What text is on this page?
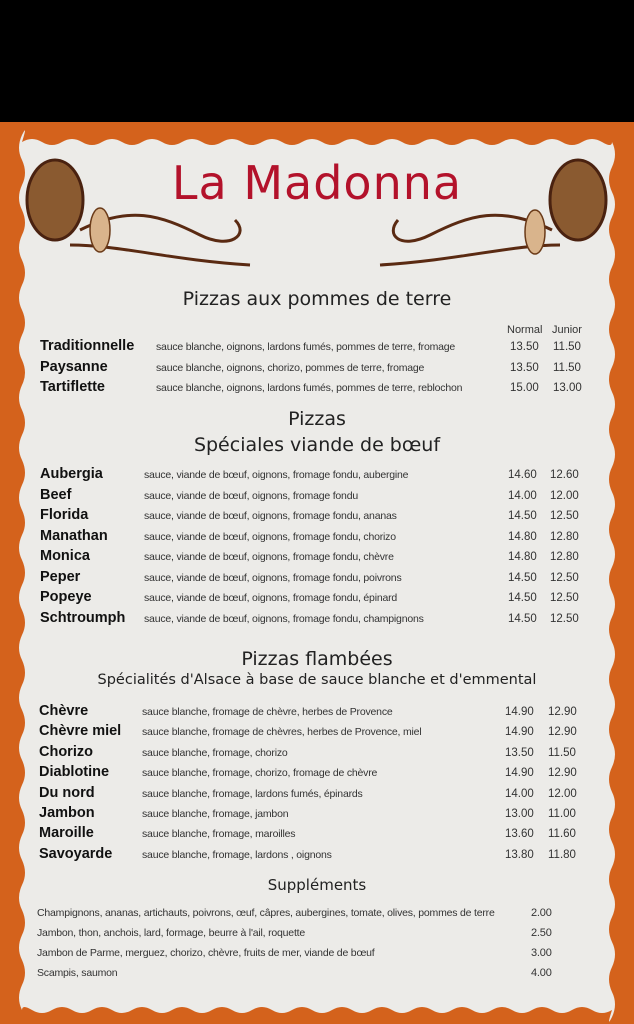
La Madonna
Pizzas aux pommes de terre
Normal Junior
Traditionnelle sauce blanche, oignons, lardons fumés, pommes de terre, fromage	13.50 11.50
Paysanne	sauce blanche, oignons, chorizo, pommes de terre, fromage	13.50 11.50
Tartiflette	sauce blanche, oignons, lardons fumés, pommes de terre, reblochon	15.00 13.00
Pizzas
Spéciales viande de bœuf
Aubergia	sauce, viande de bœuf, oignons, fromage fondu, aubergine	14.60 12.60
Beef	sauce, viande de bœuf, oignons, fromage fondu	14.00 12.00
Florida	sauce, viande de bœuf, oignons, fromage fondu, ananas	14.50 12.50
Manathan	sauce, viande de bœuf, oignons, fromage fondu, chorizo	14.80 12.80
Monica	sauce, viande de bœuf, oignons, fromage fondu, chèvre	14.80 12.80
Peper	sauce, viande de bœuf, oignons, fromage fondu, poivrons	14.50 12.50
Popeye	sauce, viande de bœuf, oignons, fromage fondu, épinard	14.50 12.50
Schtroumph sauce, viande de bœuf, oignons, fromage fondu, champignons	14.50 12.50
Pizzas flambées
Spécialités d'Alsace à base de sauce blanche et d'emmental
Chèvre	sauce blanche, fromage de chèvre, herbes de Provence	14.90 12.90
Chèvre miel sauce blanche, fromage de chèvres, herbes de Provence, miel	14.90 12.90
Chorizo	sauce blanche, fromage, chorizo	13.50 11.50
Diablotine	sauce blanche, fromage, chorizo, fromage de chèvre	14.90 12.90
Du nord	sauce blanche, fromage, lardons fumés, épinards	14.00 12.00
Jambon	sauce blanche, fromage, jambon	13.00 11.00
Maroille	sauce blanche, fromage, maroilles	13.60 11.60
Savoyarde	sauce blanche, fromage, lardons , oignons	13.80 11.80
Suppléments
Champignons, ananas, artichauts, poivrons, œuf, câpres, aubergines, tomate, olives, pommes de terre	2.00
Jambon, thon, anchois, lard, formage, beurre à l'ail, roquette	2.50
Jambon de Parme, merguez, chorizo, chèvre, fruits de mer, viande de bœuf	3.00
Scampis, saumon	4.00
